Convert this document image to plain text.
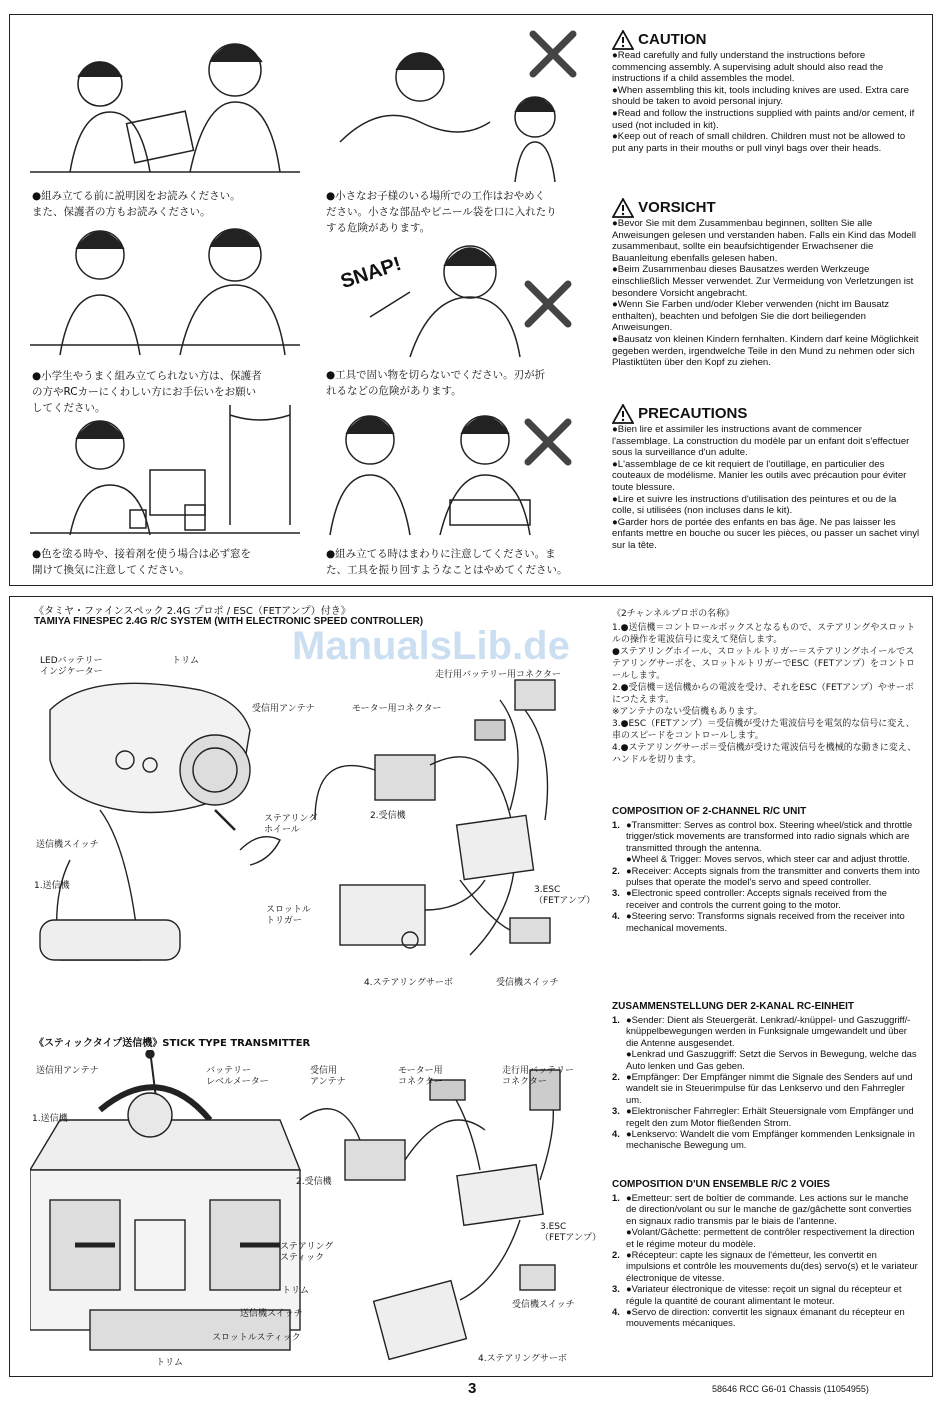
●組み立てる前に説明図をお読みください。
また、保護者の方もお読みください。
●小学生やうまく組み立てられない方は、保護者
の方やRCカーにくわしい方にお手伝いをお願い
してください。
●色を塗る時や、接着剤を使う場合は必ず窓を
開けて換気に注意してください。
●小さなお子様のいる場所での工作はおやめく
ださい。小さな部品やビニール袋を口に入れたり
する危険があります。
SNAP!
●工具で固い物を切らないでください。刃が折
れるなどの危険があります。
●組み立てる時はまわりに注意してください。ま
た、工具を振り回すようなことはやめてください。
CAUTION

●Read carefully and fully understand the instructions before commencing assembly. A supervising adult should also read the instructions if a child assembles the model.
●When assembling this kit, tools including knives are used. Extra care should be taken to avoid personal injury.
●Read and follow the instructions supplied with paints and/or cement, if used (not included in kit).
●Keep out of reach of small children. Children must not be allowed to put any parts in their mouths or pull vinyl bags over their heads.

VORSICHT

●Bevor Sie mit dem Zusammenbau beginnen, sollten Sie alle Anweisungen gelesen und verstanden haben. Falls ein Kind das Modell zusammenbaut, sollte ein beaufsichtigender Erwachsener die Bauanleitung ebenfalls gelesen haben.
●Beim Zusammenbau dieses Bausatzes werden Werkzeuge einschließlich Messer verwendet. Zur Vermeidung von Verletzungen ist besondere Vorsicht angebracht.
●Wenn Sie Farben und/oder Kleber verwenden (nicht im Bausatz enthalten), beachten und befolgen Sie die dort beiliegenden Anweisungen.
●Bausatz von kleinen Kindern fernhalten. Kindern darf keine Möglichkeit gegeben werden, irgendwelche Teile in den Mund zu nehmen oder sich Plastiktüten über den Kopf zu ziehen.

PRECAUTIONS

●Bien lire et assimiler les instructions avant de commencer l'assemblage. La construction du modèle par un enfant doit s'effectuer sous la surveillance d'un adulte.
●L'assemblage de ce kit requiert de l'outillage, en particulier des couteaux de modélisme. Manier les outils avec précaution pour éviter toute blessure.
●Lire et suivre les instructions d'utilisation des peintures et ou de la colle, si utilisées (non incluses dans le kit).
●Garder hors de portée des enfants en bas âge. Ne pas laisser les enfants mettre en bouche ou sucer les pièces, ou passer un sachet vinyl sur la tête.

《タミヤ・ファインスペック 2.4G プロポ / ESC（FETアンプ）付き》
TAMIYA FINESPEC 2.4G R/C SYSTEM (WITH ELECTRONIC SPEED CONTROLLER)
LEDバッテリー
インジケーター
トリム
受信用アンテナ	モーター用コネクター
走行用バッテリー用コネクター
ステアリング
ホイール
2.受信機
送信機スイッチ
1.送信機	3.ESC
（FETアンプ）
スロットル
トリガー
4.ステアリングサーボ	受信機スイッチ
《スティックタイプ送信機》STICK TYPE TRANSMITTER
送信用アンテナ	バッテリー
レベルメーター
受信用
アンテナ
モーター用
コネクター
走行用バッテリー
コネクター
1.送信機
2.受信機
ステアリング
スティック
3.ESC
（FETアンプ）
トリム
送信機スイッチ
受信機スイッチ
スロットルスティック
4.ステアリングサーボ
トリム
《2チャンネルプロポの名称》
1.●送信機＝コントロールボックスとなるもので、ステアリングやスロットルの操作を電波信号に変えて発信します。
●ステアリングホイール、スロットルトリガー＝ステアリングホイールでステアリングサーボを、スロットルトリガーでESC（FETアンプ）をコントロールします。
2.●受信機＝送信機からの電波を受け、それをESC（FETアンプ）やサーボにつたえます。
※アンテナのない受信機もあります。
3.●ESC（FETアンプ）＝受信機が受けた電波信号を電気的な信号に変え、車のスピードをコントロールします。
4.●ステアリングサーボ＝受信機が受けた電波信号を機械的な動きに変え、ハンドルを切ります。
COMPOSITION OF 2-CHANNEL R/C UNIT
1. ●Transmitter: Serves as control box. Steering wheel/stick and throttle trigger/stick movements are transformed into radio signals which are transmitted through the antenna.
●Wheel & Trigger: Moves servos, which steer car and adjust throttle.
2. ●Receiver: Accepts signals from the transmitter and converts them into pulses that operate the model's servo and speed controller.
3. ●Electronic speed controller: Accepts signals received from the receiver and controls the current going to the motor.
4. ●Steering servo: Transforms signals received from the receiver into mechanical movements.
ZUSAMMENSTELLUNG DER 2-KANAL RC-EINHEIT
1. ●Sender: Dient als Steuergerät. Lenkrad/-knüppel- und Gaszuggriff/- knüppelbewegungen werden in Funksignale umgewandelt und über die Antenne ausgesendet.
●Lenkrad und Gaszuggriff: Setzt die Servos in Bewegung, welche das Auto lenken und Gas geben.
2. ●Empfänger: Der Empfänger nimmt die Signale des Senders auf und wandelt sie in Steuerimpulse für das Lenkservo und den Fahrregler um.
3. ●Elektronischer Fahrregler: Erhält Steuersignale vom Empfänger und regelt den zum Motor fließenden Strom.
4. ●Lenkservo: Wandelt die vom Empfänger kommenden Lenksignale in mechanische Bewegung um.
COMPOSITION D'UN ENSEMBLE R/C 2 VOIES
1. ●Emetteur: sert de boîtier de commande. Les actions sur le manche de direction/volant ou sur le manche de gaz/gâchette sont converties en signaux radio transmis par le biais de l'antenne.
●Volant/Gâchette: permettent de contrôler respectivement la direction et le régime moteur du modèle.
2. ●Récepteur: capte les signaux de l'émetteur, les convertit en impulsions et contrôle les mouvements du(des) servo(s) et le variateur électronique de vitesse.
3. ●Variateur électronique de vitesse: reçoit un signal du récepteur et régule la quantité de courant alimentant le moteur.
4. ●Servo de direction: convertit les signaux émanant du récepteur en mouvements mécaniques.
ManualsLib.de
3	58646 RCC G6-01 Chassis (11054955)
